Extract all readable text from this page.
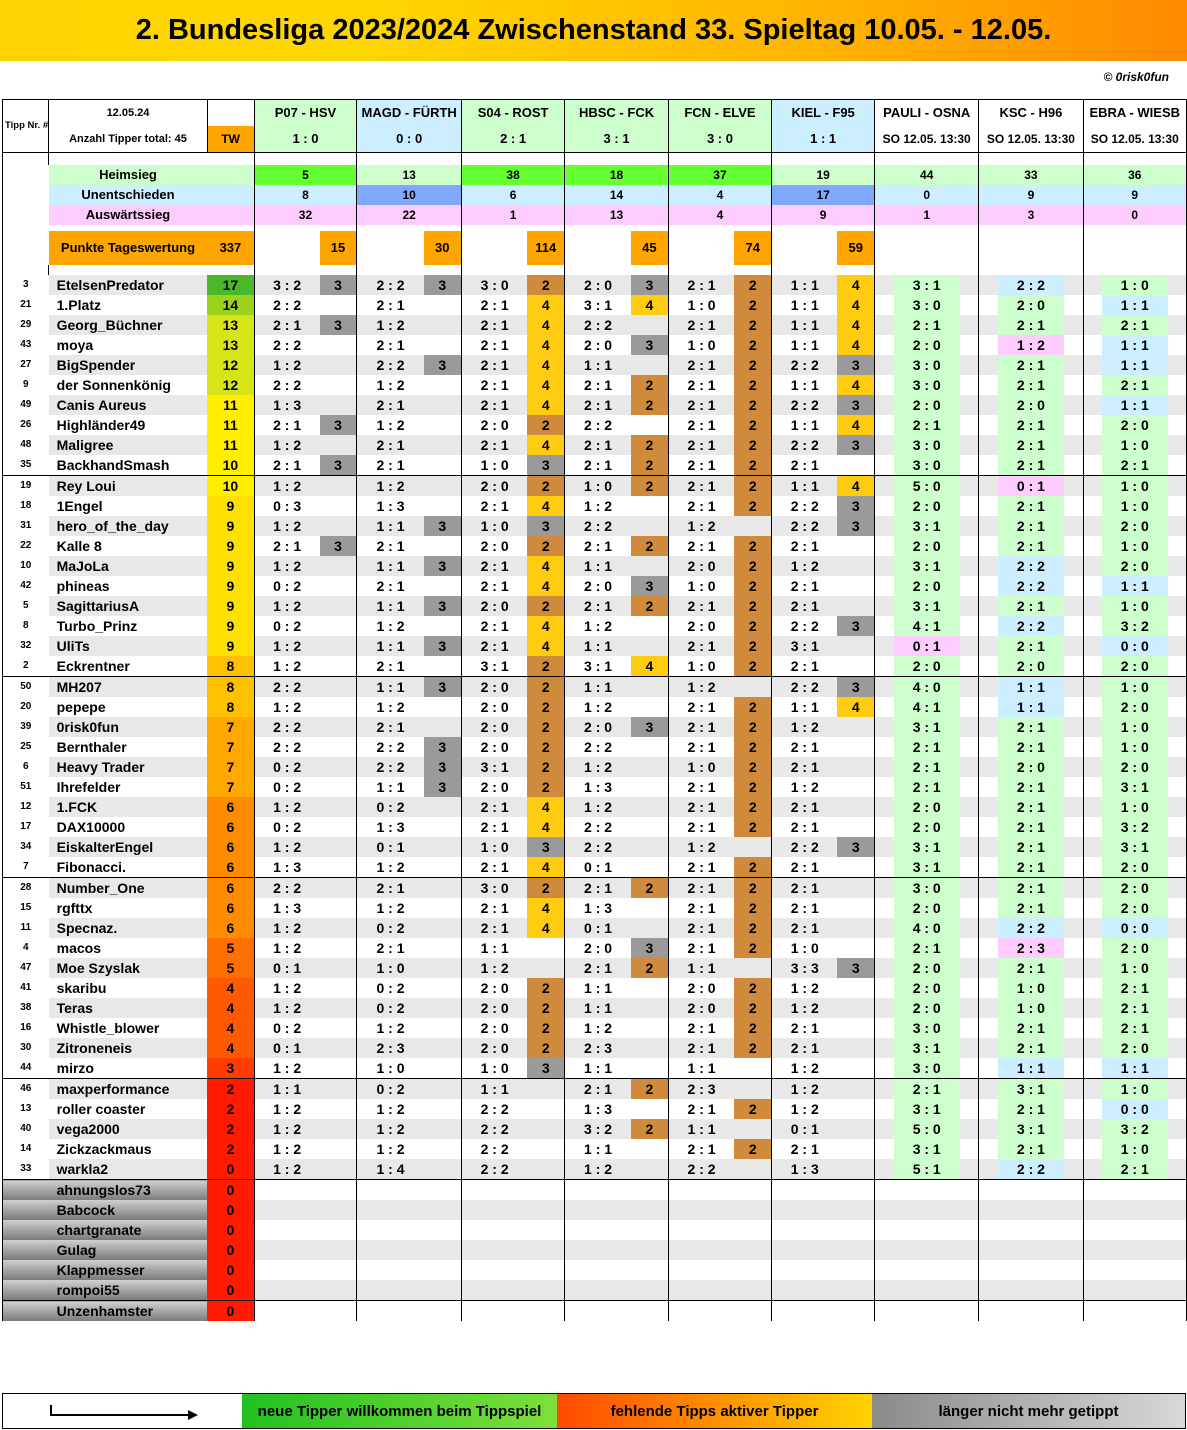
2. Bundesliga 2023/2024 Zwischenstand 33. Spieltag 10.05. - 12.05.
© 0risk0fun
Tipp Nr. #	12.05.24		P07 - HSV		MAGD - FÜRTH		S04 - ROST		HBSC - FCK		FCN - ELVE		KIEL - F95		PAULI - OSNA	KSC - H96	EBRA - WIESB
	Anzahl Tipper total: 45	TW	1 : 0		0 : 0		2 : 1		3 : 1		3 : 0		1 : 1		SO 12.05. 13:30	SO 12.05. 13:30	SO 12.05. 13:30

	Heimsieg		5		13		38		18		37		19		44	33	36
	Unentschieden		8		10		6		14		4		17		0	9	9
	Auswärtssieg		32		22		1		13		4		9		1	3	0

	Punkte Tageswertung	337		15		30		114		45		74		59			

3	EtelsenPredator	17	3 : 2	3	2 : 2	3	3 : 0	2	2 : 0	3	2 : 1	2	1 : 1	4	3 : 1	2 : 2	1 : 0
21	1.Platz	14	2 : 2		2 : 1		2 : 1	4	3 : 1	4	1 : 0	2	1 : 1	4	3 : 0	2 : 0	1 : 1
29	Georg_Büchner	13	2 : 1	3	1 : 2		2 : 1	4	2 : 2		2 : 1	2	1 : 1	4	2 : 1	2 : 1	2 : 1
43	moya	13	2 : 2		2 : 1		2 : 1	4	2 : 0	3	1 : 0	2	1 : 1	4	2 : 0	1 : 2	1 : 1
27	BigSpender	12	1 : 2		2 : 2	3	2 : 1	4	1 : 1		2 : 1	2	2 : 2	3	3 : 0	2 : 1	1 : 1
9	der Sonnenkönig	12	2 : 2		1 : 2		2 : 1	4	2 : 1	2	2 : 1	2	1 : 1	4	3 : 0	2 : 1	2 : 1
49	Canis Aureus	11	1 : 3		2 : 1		2 : 1	4	2 : 1	2	2 : 1	2	2 : 2	3	2 : 0	2 : 0	1 : 1
26	Highländer49	11	2 : 1	3	1 : 2		2 : 0	2	2 : 2		2 : 1	2	1 : 1	4	2 : 1	2 : 1	2 : 0
48	Maligree	11	1 : 2		2 : 1		2 : 1	4	2 : 1	2	2 : 1	2	2 : 2	3	3 : 0	2 : 1	1 : 0
35	BackhandSmash	10	2 : 1	3	2 : 1		1 : 0	3	2 : 1	2	2 : 1	2	2 : 1		3 : 0	2 : 1	2 : 1
19	Rey Loui	10	1 : 2		1 : 2		2 : 0	2	1 : 0	2	2 : 1	2	1 : 1	4	5 : 0	0 : 1	1 : 0
18	1Engel	9	0 : 3		1 : 3		2 : 1	4	1 : 2		2 : 1	2	2 : 2	3	2 : 0	2 : 1	1 : 0
31	hero_of_the_day	9	1 : 2		1 : 1	3	1 : 0	3	2 : 2		1 : 2		2 : 2	3	3 : 1	2 : 1	2 : 0
22	Kalle 8	9	2 : 1	3	2 : 1		2 : 0	2	2 : 1	2	2 : 1	2	2 : 1		2 : 0	2 : 1	1 : 0
10	MaJoLa	9	1 : 2		1 : 1	3	2 : 1	4	1 : 1		2 : 0	2	1 : 2		3 : 1	2 : 2	2 : 0
42	phineas	9	0 : 2		2 : 1		2 : 1	4	2 : 0	3	1 : 0	2	2 : 1		2 : 0	2 : 2	1 : 1
5	SagittariusA	9	1 : 2		1 : 1	3	2 : 0	2	2 : 1	2	2 : 1	2	2 : 1		3 : 1	2 : 1	1 : 0
8	Turbo_Prinz	9	0 : 2		1 : 2		2 : 1	4	1 : 2		2 : 0	2	2 : 2	3	4 : 1	2 : 2	3 : 2
32	UliTs	9	1 : 2		1 : 1	3	2 : 1	4	1 : 1		2 : 1	2	3 : 1		0 : 1	2 : 1	0 : 0
2	Eckrentner	8	1 : 2		2 : 1		3 : 1	2	3 : 1	4	1 : 0	2	2 : 1		2 : 0	2 : 0	2 : 0
50	MH207	8	2 : 2		1 : 1	3	2 : 0	2	1 : 1		1 : 2		2 : 2	3	4 : 0	1 : 1	1 : 0
20	pepepe	8	1 : 2		1 : 2		2 : 0	2	1 : 2		2 : 1	2	1 : 1	4	4 : 1	1 : 1	2 : 0
39	0risk0fun	7	2 : 2		2 : 1		2 : 0	2	2 : 0	3	2 : 1	2	1 : 2		3 : 1	2 : 1	1 : 0
25	Bernthaler	7	2 : 2		2 : 2	3	2 : 0	2	2 : 2		2 : 1	2	2 : 1		2 : 1	2 : 1	1 : 0
6	Heavy Trader	7	0 : 2		2 : 2	3	3 : 1	2	1 : 2		1 : 0	2	2 : 1		2 : 1	2 : 0	2 : 0
51	Ihrefelder	7	0 : 2		1 : 1	3	2 : 0	2	1 : 3		2 : 1	2	1 : 2		2 : 1	2 : 1	3 : 1
12	1.FCK	6	1 : 2		0 : 2		2 : 1	4	1 : 2		2 : 1	2	2 : 1		2 : 0	2 : 1	1 : 0
17	DAX10000	6	0 : 2		1 : 3		2 : 1	4	2 : 2		2 : 1	2	2 : 1		2 : 0	2 : 1	3 : 2
34	EiskalterEngel	6	1 : 2		0 : 1		1 : 0	3	2 : 2		1 : 2		2 : 2	3	3 : 1	2 : 1	3 : 1
7	Fibonacci.	6	1 : 3		1 : 2		2 : 1	4	0 : 1		2 : 1	2	2 : 1		3 : 1	2 : 1	2 : 0
28	Number_One	6	2 : 2		2 : 1		3 : 0	2	2 : 1	2	2 : 1	2	2 : 1		3 : 0	2 : 1	2 : 0
15	rgfttx	6	1 : 3		1 : 2		2 : 1	4	1 : 3		2 : 1	2	2 : 1		2 : 0	2 : 1	2 : 0
11	Specnaz.	6	1 : 2		0 : 2		2 : 1	4	0 : 1		2 : 1	2	2 : 1		4 : 0	2 : 2	0 : 0
4	macos	5	1 : 2		2 : 1		1 : 1		2 : 0	3	2 : 1	2	1 : 0		2 : 1	2 : 3	2 : 0
47	Moe Szyslak	5	0 : 1		1 : 0		1 : 2		2 : 1	2	1 : 1		3 : 3	3	2 : 0	2 : 1	1 : 0
41	skaribu	4	1 : 2		0 : 2		2 : 0	2	1 : 1		2 : 0	2	1 : 2		2 : 0	1 : 0	2 : 1
38	Teras	4	1 : 2		0 : 2		2 : 0	2	1 : 1		2 : 0	2	1 : 2		2 : 0	1 : 0	2 : 1
16	Whistle_blower	4	0 : 2		1 : 2		2 : 0	2	1 : 2		2 : 1	2	2 : 1		3 : 0	2 : 1	2 : 1
30	Zitroneneis	4	0 : 1		2 : 3		2 : 0	2	2 : 3		2 : 1	2	2 : 1		3 : 1	2 : 1	2 : 0
44	mirzo	3	1 : 2		1 : 0		1 : 0	3	1 : 1		1 : 1		1 : 2		3 : 0	1 : 1	1 : 1
46	maxperformance	2	1 : 1		0 : 2		1 : 1		2 : 1	2	2 : 3		1 : 2		2 : 1	3 : 1	1 : 0
13	roller coaster	2	1 : 2		1 : 2		2 : 2		1 : 3		2 : 1	2	1 : 2		3 : 1	2 : 1	0 : 0
40	vega2000	2	1 : 2		1 : 2		2 : 2		3 : 2	2	1 : 1		0 : 1		5 : 0	3 : 1	3 : 2
14	Zickzackmaus	2	1 : 2		1 : 2		2 : 2		1 : 1		2 : 1	2	2 : 1		3 : 1	2 : 1	1 : 0
33	warkla2	0	1 : 2		1 : 4		2 : 2		1 : 2		2 : 2		1 : 3		5 : 1	2 : 2	2 : 1
	ahnungslos73	0															
	Babcock	0															
	chartgranate	0															
	Gulag	0															
	Klappmesser	0															
	rompoi55	0															
	Unzenhamster	0															
neue Tipper willkommen beim Tippspiel	fehlende Tipps aktiver Tipper	länger nicht mehr getippt
